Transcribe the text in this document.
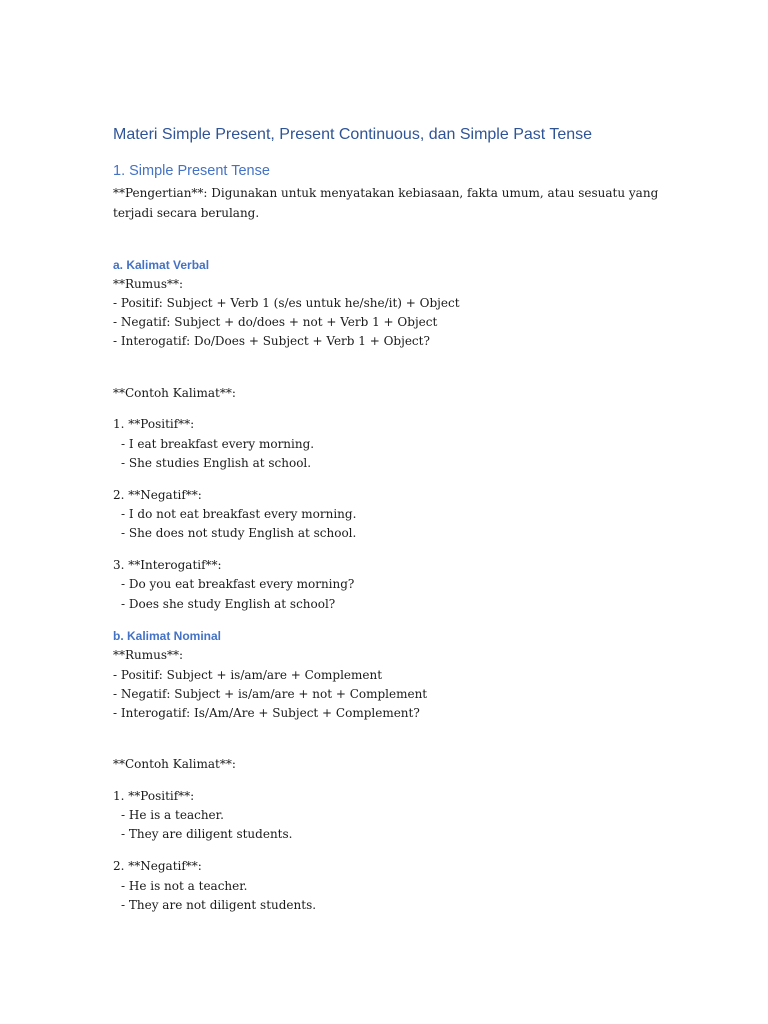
Materi Simple Present, Present Continuous, dan Simple Past Tense
1. Simple Present Tense
**Pengertian**: Digunakan untuk menyatakan kebiasaan, fakta umum, atau sesuatu yang
terjadi secara berulang.
a. Kalimat Verbal
**Rumus**:
- Positif: Subject + Verb 1 (s/es untuk he/she/it) + Object
- Negatif: Subject + do/does + not + Verb 1 + Object
- Interogatif: Do/Does + Subject + Verb 1 + Object?
**Contoh Kalimat**:
1. **Positif**:
- I eat breakfast every morning.
- She studies English at school.
2. **Negatif**:
- I do not eat breakfast every morning.
- She does not study English at school.
3. **Interogatif**:
- Do you eat breakfast every morning?
- Does she study English at school?
b. Kalimat Nominal
**Rumus**:
- Positif: Subject + is/am/are + Complement
- Negatif: Subject + is/am/are + not + Complement
- Interogatif: Is/Am/Are + Subject + Complement?
**Contoh Kalimat**:
1. **Positif**:
- He is a teacher.
- They are diligent students.
2. **Negatif**:
- He is not a teacher.
- They are not diligent students.
